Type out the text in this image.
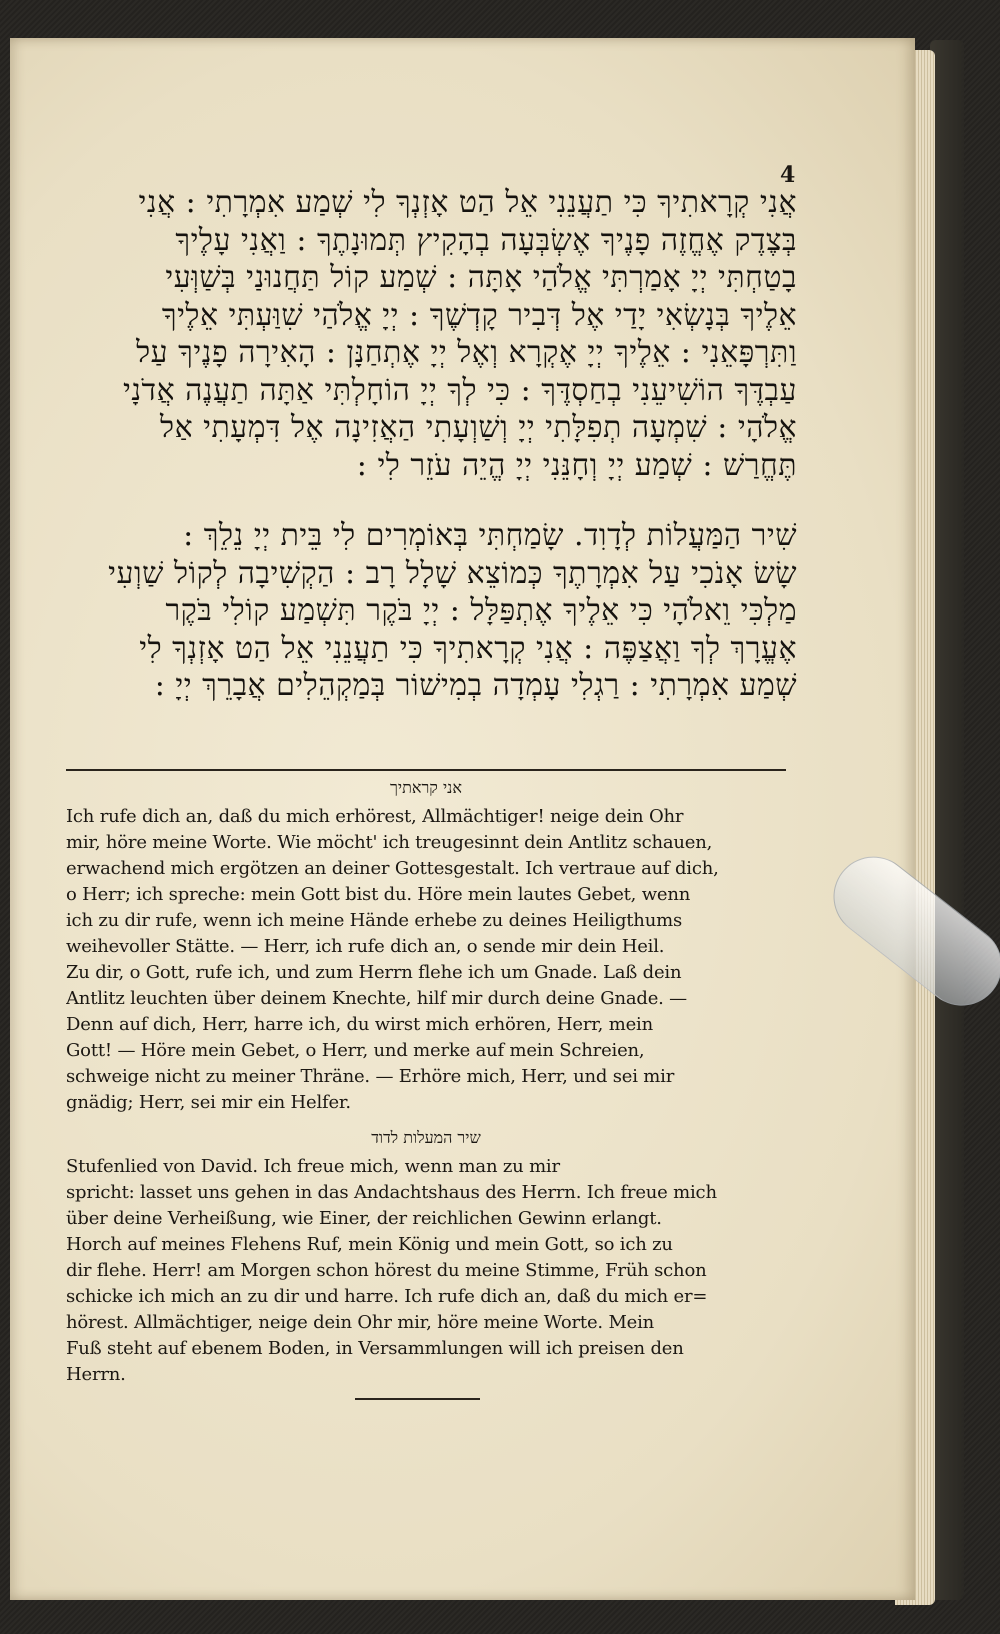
4
אֲנִי קְרָאתִיךָ כִּי תַעֲנֵנִי אֵל הַט אָזְנְךָ לִי שְׁמַע אִמְרָתִי : אֲנִי
בְּצֶדֶק אֶחֱזֶה פָנֶיךָ אֶשְׂבְּעָה בְהָקִיץ תְּמוּנָתֶךָ : וַאֲנִי עָלֶיךָ
בָטַחְתִּי יְיָ אָמַרְתִּי אֱלֹהַי אָתָּה : שְׁמַע קוֹל תַּחֲנוּנַי בְּשַׁוְּעִי
אֵלֶיךָ בְּנָשְׂאִי יָדַי אֶל דְּבִיר קָדְשֶׁךָ : יְיָ אֱלֹהַי שִׁוַּעְתִּי אֵלֶיךָ
וַתִּרְפָּאֵנִי : אֵלֶיךָ יְיָ אֶקְרָא וְאֶל יְיָ אֶתְחַנָּן : הָאִירָה פָנֶיךָ עַל
עַבְדֶּךָ הוֹשִׁיעֵנִי בְחַסְדֶּךָ : כִּי לְךָ יְיָ הוֹחָלְתִּי אַתָּה תַעֲנֶה אֲדֹנָי
אֱלֹהָי : שִׁמְעָה תְפִלָּתִי יְיָ וְשַׁוְעָתִי הַאֲזִינָה אֶל דִּמְעָתִי אַל
תֶּחֱרַשׁ : שְׁמַע יְיָ וְחָנֵּנִי יְיָ הֱיֵה עֹזֵר לִי :
שִׁיר הַמַּעֲלוֹת לְדָוִד. שָׂמַחְתִּי בְּאוֹמְרִים לִי בֵּית יְיָ נֵלֵךְ :
שָׂשׂ אָנֹכִי עַל אִמְרָתֶךָ כְּמוֹצֵא שָׁלָל רָב : הַקְשִׁיבָה לְקוֹל שַׁוְעִי
מַלְכִּי וֵאלֹהָי כִּי אֵלֶיךָ אֶתְפַּלָּל : יְיָ בֹּקֶר תִּשְׁמַע קוֹלִי בֹּקֶר
אֶעֱרָךְ לְךָ וַאֲצַפֶּה : אֲנִי קְרָאתִיךָ כִּי תַעֲנֵנִי אֵל הַט אָזְנְךָ לִי
שְׁמַע אִמְרָתִי : רַגְלִי עָמְדָה בְמִישׁוֹר בְּמַקְהֵלִים אֲבָרֵךְ יְיָ :
אני קראתיך
Ich rufe dich an, daß du mich erhörest, Allmächtiger! neige dein Ohr
mir, höre meine Worte. Wie möcht' ich treugesinnt dein Antlitz schauen,
erwachend mich ergötzen an deiner Gottesgestalt. Ich vertraue auf dich,
o Herr; ich spreche: mein Gott bist du. Höre mein lautes Gebet, wenn
ich zu dir rufe, wenn ich meine Hände erhebe zu deines Heiligthums
weihevoller Stätte. — Herr, ich rufe dich an, o sende mir dein Heil.
Zu dir, o Gott, rufe ich, und zum Herrn flehe ich um Gnade. Laß dein
Antlitz leuchten über deinem Knechte, hilf mir durch deine Gnade. —
Denn auf dich, Herr, harre ich, du wirst mich erhören, Herr, mein
Gott! — Höre mein Gebet, o Herr, und merke auf mein Schreien,
schweige nicht zu meiner Thräne. — Erhöre mich, Herr, und sei mir
gnädig; Herr, sei mir ein Helfer.
שיר המעלות לדוד
Stufenlied von David. Ich freue mich, wenn man zu mir
spricht: lasset uns gehen in das Andachtshaus des Herrn. Ich freue mich
über deine Verheißung, wie Einer, der reichlichen Gewinn erlangt.
Horch auf meines Flehens Ruf, mein König und mein Gott, so ich zu
dir flehe. Herr! am Morgen schon hörest du meine Stimme, Früh schon
schicke ich mich an zu dir und harre. Ich rufe dich an, daß du mich er=
hörest. Allmächtiger, neige dein Ohr mir, höre meine Worte. Mein
Fuß steht auf ebenem Boden, in Versammlungen will ich preisen den
Herrn.
